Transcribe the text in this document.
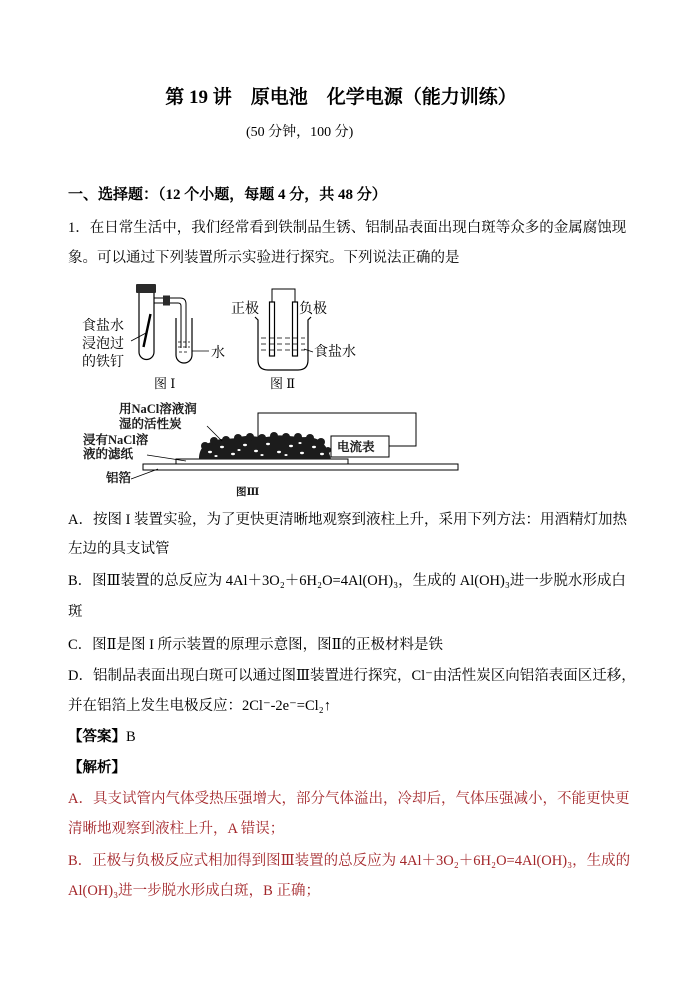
第 19 讲　原电池　化学电源（能力训练）
(50 分钟，100 分)
一、选择题：（12 个小题，每题 4 分，共 48 分）
1．在日常生活中，我们经常看到铁制品生锈、铝制品表面出现白斑等众多的金属腐蚀现
象。可以通过下列装置所示实验进行探究。下列说法正确的是
食盐水
浸泡过
的铁钉
水
图 Ⅰ
正极	负极
食盐水
图 Ⅱ
用NaCl溶液润
湿的活性炭
浸有NaCl溶
液的滤纸
铝箔
电流表
图Ⅲ
A．按图 I 装置实验，为了更快更清晰地观察到液柱上升，采用下列方法：用酒精灯加热
左边的具支试管
B．图Ⅲ装置的总反应为 4Al＋3O₂＋6H₂O=4Al(OH)₃，生成的 Al(OH)₃进一步脱水形成白
斑
C．图Ⅱ是图 I 所示装置的原理示意图，图Ⅱ的正极材料是铁
D．铝制品表面出现白斑可以通过图Ⅲ装置进行探究，Cl⁻由活性炭区向铝箔表面区迁移，
并在铝箔上发生电极反应：2Cl⁻-2e⁻=Cl₂↑
【答案】B
【解析】
A．具支试管内气体受热压强增大，部分气体溢出，冷却后，气体压强减小，不能更快更
清晰地观察到液柱上升，A 错误；
B．正极与负极反应式相加得到图Ⅲ装置的总反应为 4Al＋3O₂＋6H₂O=4Al(OH)₃，生成的
Al(OH)₃进一步脱水形成白斑，B 正确；
